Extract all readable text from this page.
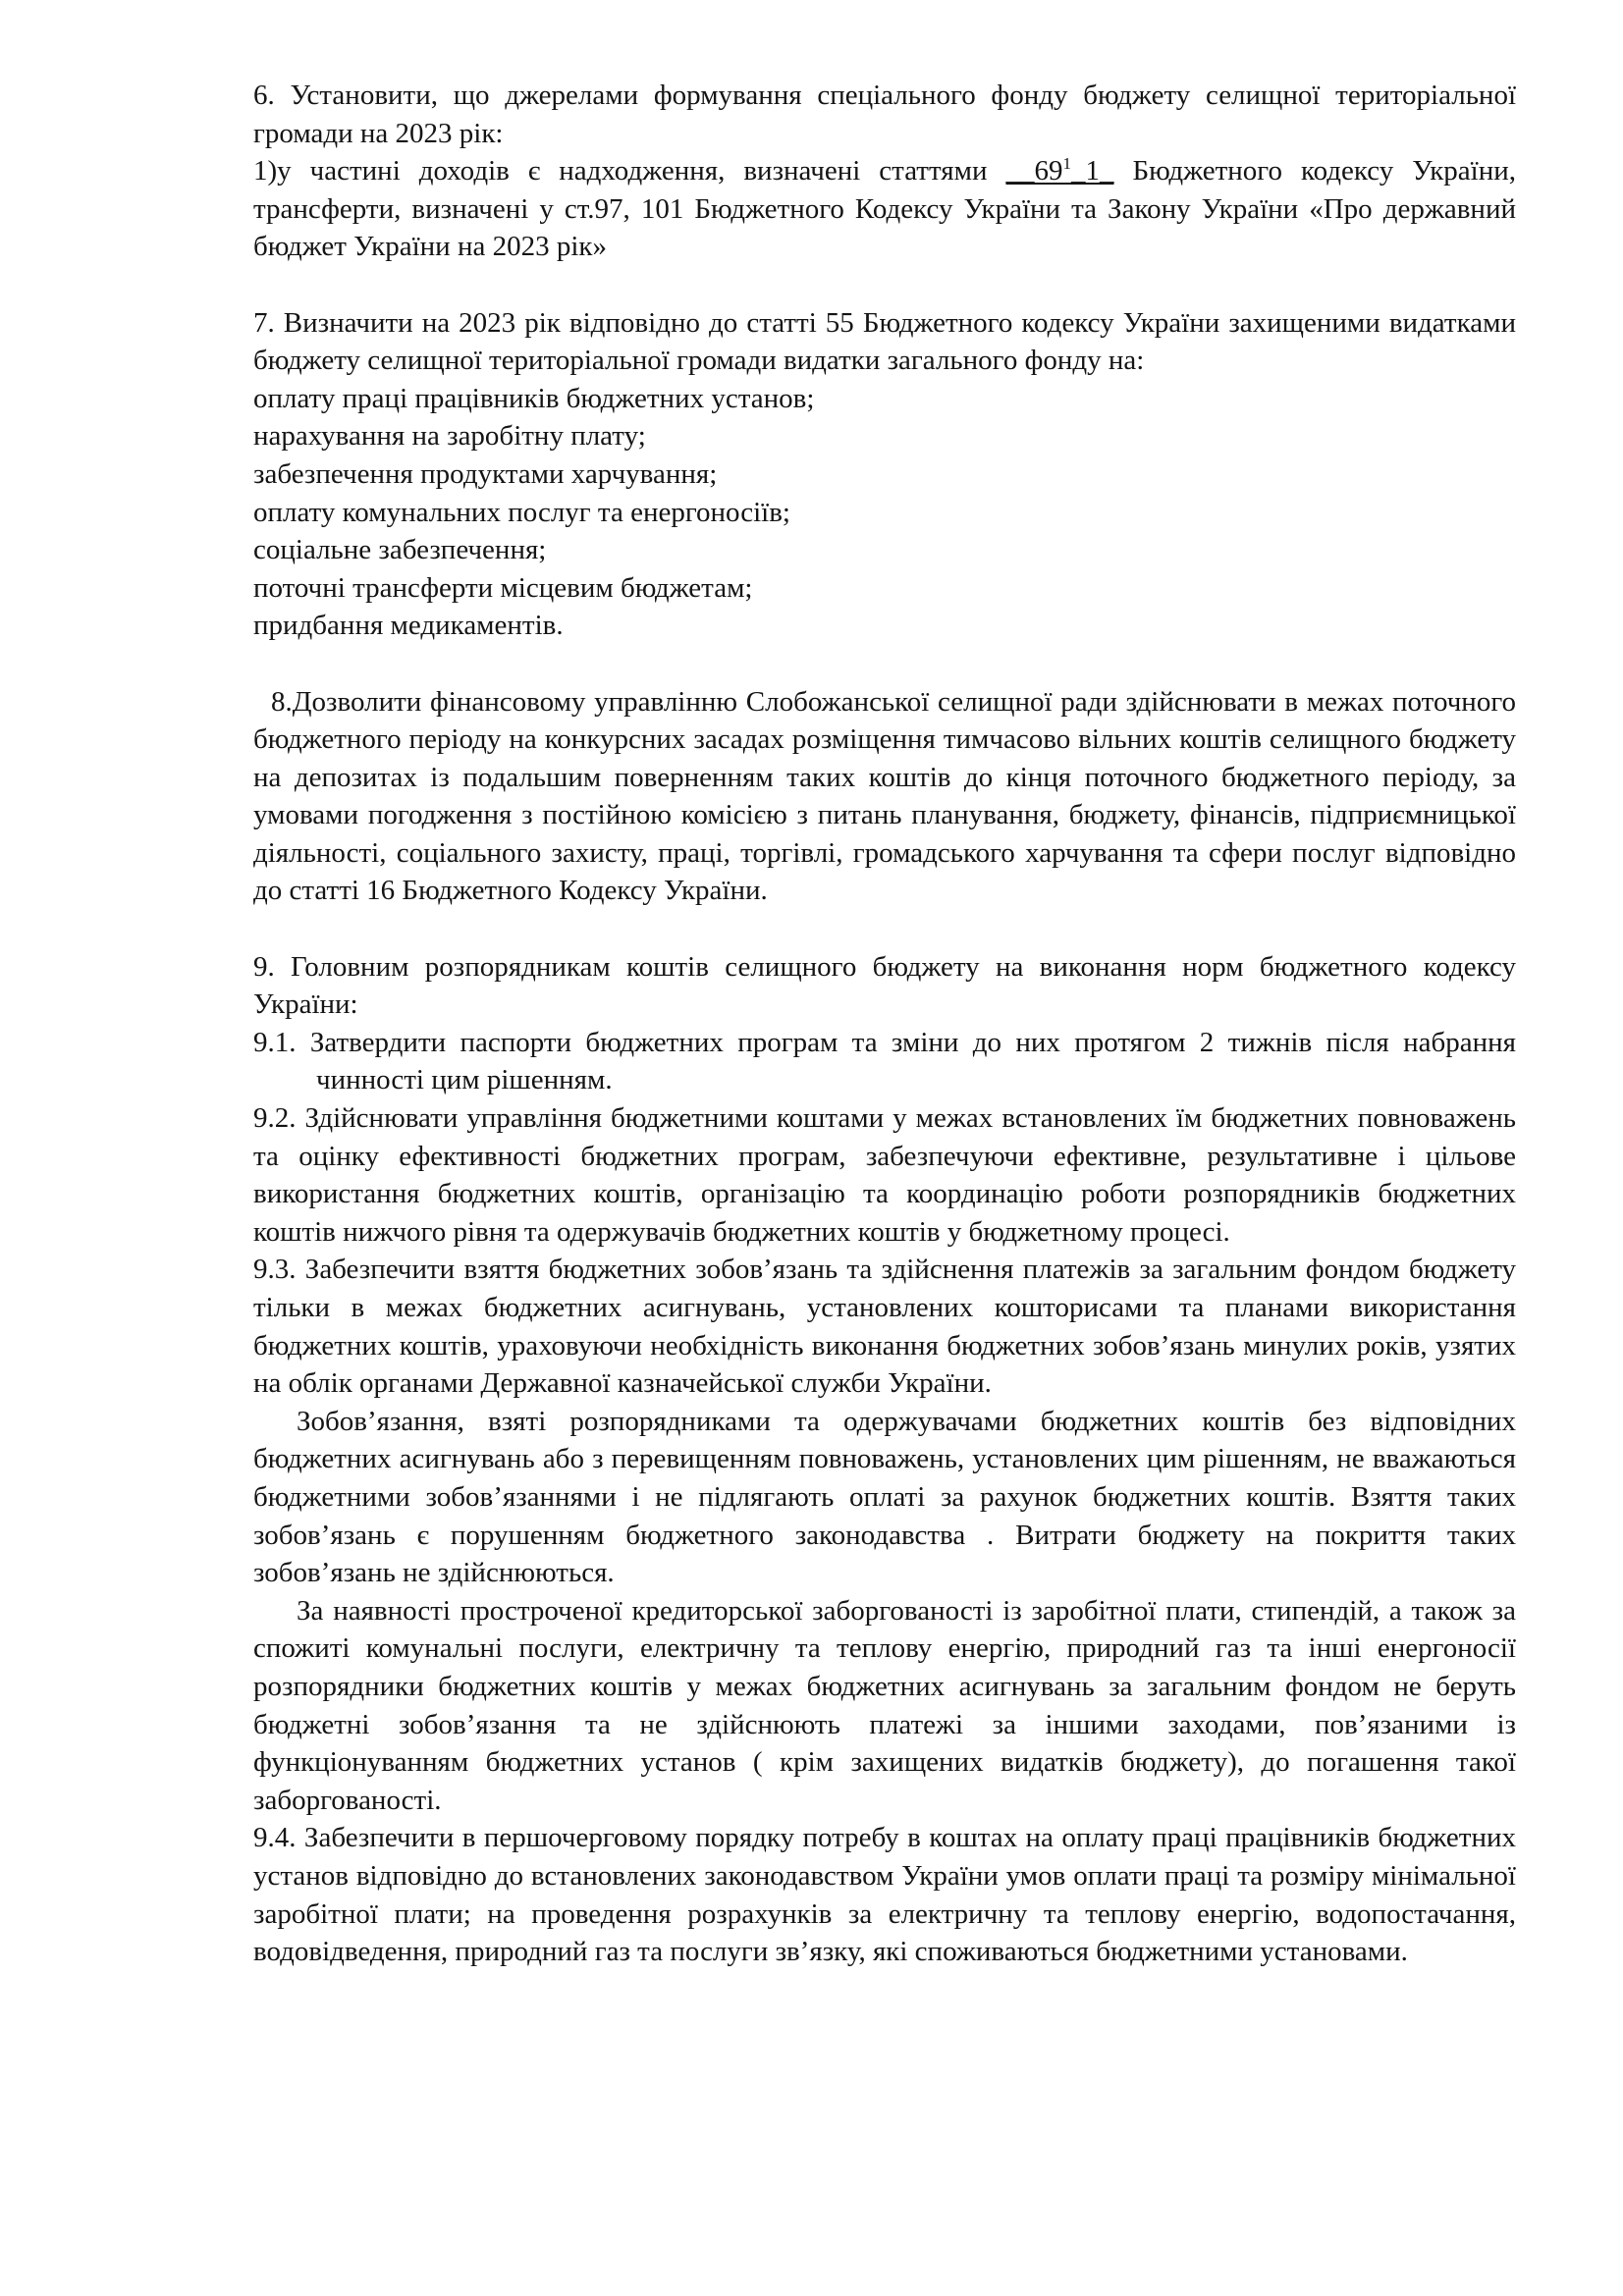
6. Установити, що джерелами формування спеціального фонду бюджету селищної територіальної громади на 2023 рік:

1)у частині доходів є надходження, визначені статтями $\_\_69^1\_1\_$ Бюджетного кодексу України, трансферти, визначені у ст.97, 101 Бюджетного Кодексу України та Закону України «Про державний бюджет України на 2023 рік»

7. Визначити на 2023 рік відповідно до статті 55 Бюджетного кодексу України захищеними видатками бюджету селищної територіальної громади видатки загального фонду на:

оплату праці працівників бюджетних установ;

нарахування на заробітну плату;

забезпечення продуктами харчування;

оплату комунальних послуг та енергоносіїв;

соціальне забезпечення;

поточні трансферти місцевим бюджетам;

придбання медикаментів.

8.Дозволити фінансовому управлінню Слобожанської селищної ради здійснювати в межах поточного бюджетного періоду на конкурсних засадах розміщення тимчасово вільних коштів селищного бюджету на депозитах із подальшим поверненням таких коштів до кінця поточного бюджетного періоду, за умовами погодження з постійною комісією з питань планування, бюджету, фінансів, підприємницької діяльності, соціального захисту, праці, торгівлі, громадського харчування та сфери послуг відповідно до статті 16 Бюджетного Кодексу України.

9. Головним розпорядникам коштів селищного бюджету на виконання норм бюджетного кодексу України:

9.1. Затвердити паспорти бюджетних програм та зміни до них протягом 2 тижнів після набрання чинності цим рішенням.

9.2. Здійснювати управління бюджетними коштами у межах встановлених їм бюджетних повноважень та оцінку ефективності бюджетних програм, забезпечуючи ефективне, результативне і цільове використання бюджетних коштів, організацію та координацію роботи розпорядників бюджетних коштів нижчого рівня та одержувачів бюджетних коштів у бюджетному процесі.

9.3. Забезпечити взяття бюджетних зобов’язань та здійснення платежів за загальним фондом бюджету тільки в межах бюджетних асигнувань, установлених кошторисами та планами використання бюджетних коштів, ураховуючи необхідність виконання бюджетних зобов’язань минулих років, узятих на облік органами Державної казначейської служби України.

Зобов’язання, взяті розпорядниками та одержувачами бюджетних коштів без відповідних бюджетних асигнувань або з перевищенням повноважень, установлених цим рішенням, не вважаються бюджетними зобов’язаннями і не підлягають оплаті за рахунок бюджетних коштів. Взяття таких зобов’язань є порушенням бюджетного законодавства . Витрати бюджету на покриття таких зобов’язань не здійснюються.

За наявності простроченої кредиторської заборгованості із заробітної плати, стипендій, а також за спожиті комунальні послуги, електричну та теплову енергію, природний газ та інші енергоносії розпорядники бюджетних коштів у межах бюджетних асигнувань за загальним фондом не беруть бюджетні зобов’язання та не здійснюють платежі за іншими заходами, пов’язаними із функціонуванням бюджетних установ ( крім захищених видатків бюджету), до погашення такої заборгованості.

9.4. Забезпечити в першочерговому порядку потребу в коштах на оплату праці працівників бюджетних установ відповідно до встановлених законодавством України умов оплати праці та розміру мінімальної заробітної плати; на проведення розрахунків за електричну та теплову енергію, водопостачання, водовідведення, природний газ та послуги зв’язку, які споживаються бюджетними установами.
